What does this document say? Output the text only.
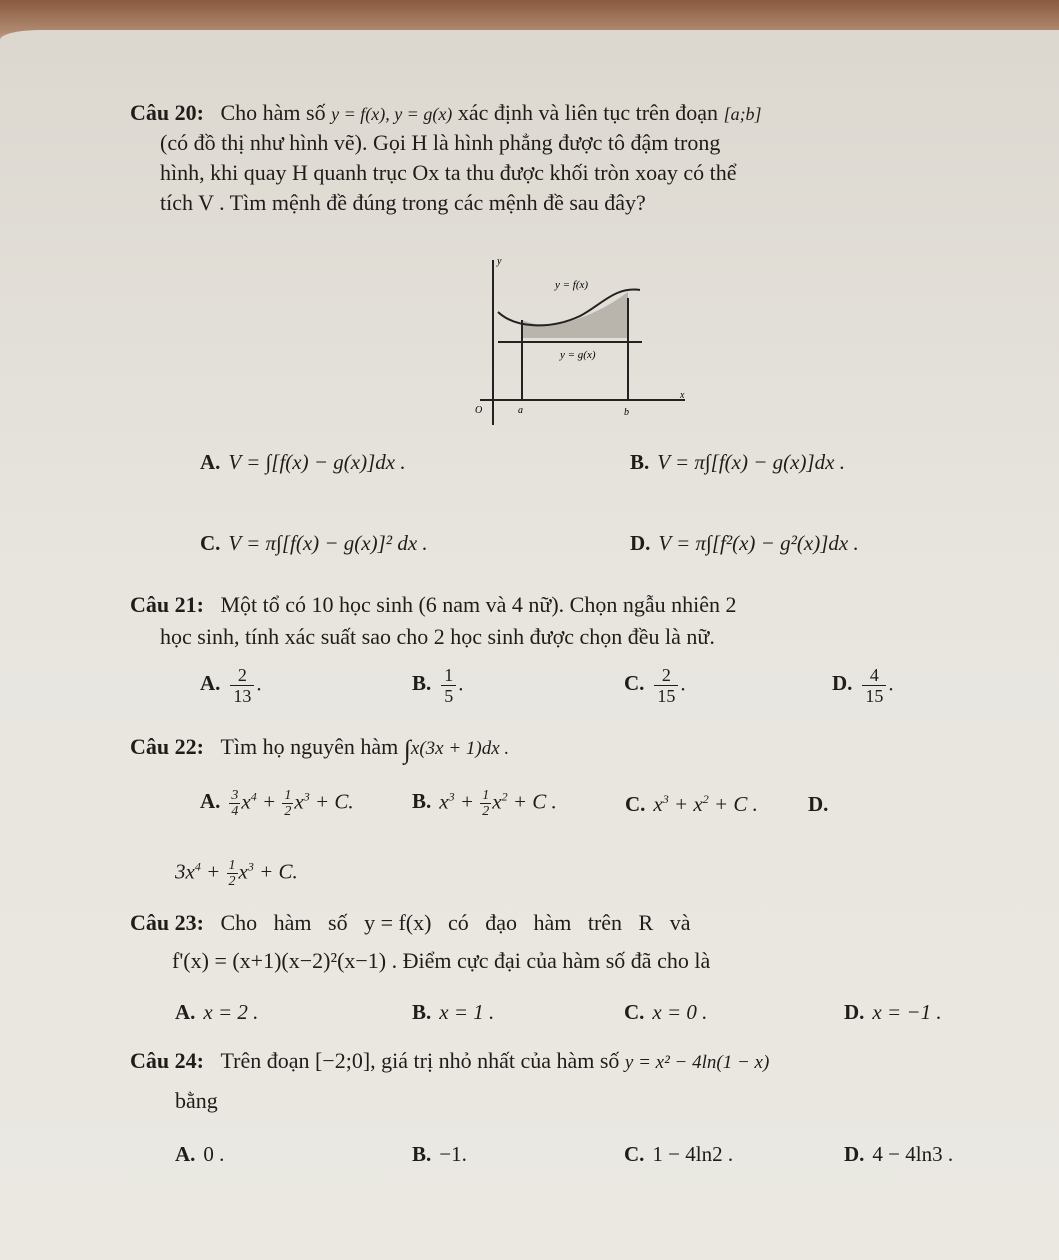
Câu 20: Cho hàm số y = f(x), y = g(x) xác định và liên tục trên đoạn [a;b]
(có đồ thị như hình vẽ). Gọi H là hình phẳng được tô đậm trong
hình, khi quay H quanh trục Ox ta thu được khối tròn xoay có thể
tích V . Tìm mệnh đề đúng trong các mệnh đề sau đây?
y = f(x)
y = g(x)
O	a	b
x
y
A. V = ∫[f(x) − g(x)]dx .	B. V = π∫[f(x) − g(x)]dx .
C. V = π∫[f(x) − g(x)]² dx .	D. V = π∫[f²(x) − g²(x)]dx .
Câu 21: Một tổ có 10 học sinh (6 nam và 4 nữ). Chọn ngẫu nhiên 2
học sinh, tính xác suất sao cho 2 học sinh được chọn đều là nữ.
A. $\frac{2}{13}$ .	B. $\frac{1}{5}$ .	C. $\frac{2}{15}$ .	D. $\frac{4}{15}$ .
Câu 22: Tìm họ nguyên hàm ∫x(3x + 1)dx .
A. $\frac{3}{4} x^4 + \frac{1}{2} x^3 + C$.	B. $x^3 + \frac{1}{2} x^2 + C$ .	C. $x^3 + x^2 + C$ . D.
$3x^4 + \frac{1}{2} x^3 + C$.
Câu 23: Cho   hàm   số   y = f(x)   có   đạo   hàm   trên   R   và
f'(x) = (x+1)(x−2)²(x−1) . Điểm cực đại của hàm số đã cho là
A. x = 2 .	B. x = 1 .	C. x = 0 .	D. x = −1 .
Câu 24: Trên đoạn [−2;0], giá trị nhỏ nhất của hàm số y = x² − 4ln(1 − x)
bằng
A. 0 .	B. −1.	C. 1 − 4ln2 .	D. 4 − 4ln3 .
